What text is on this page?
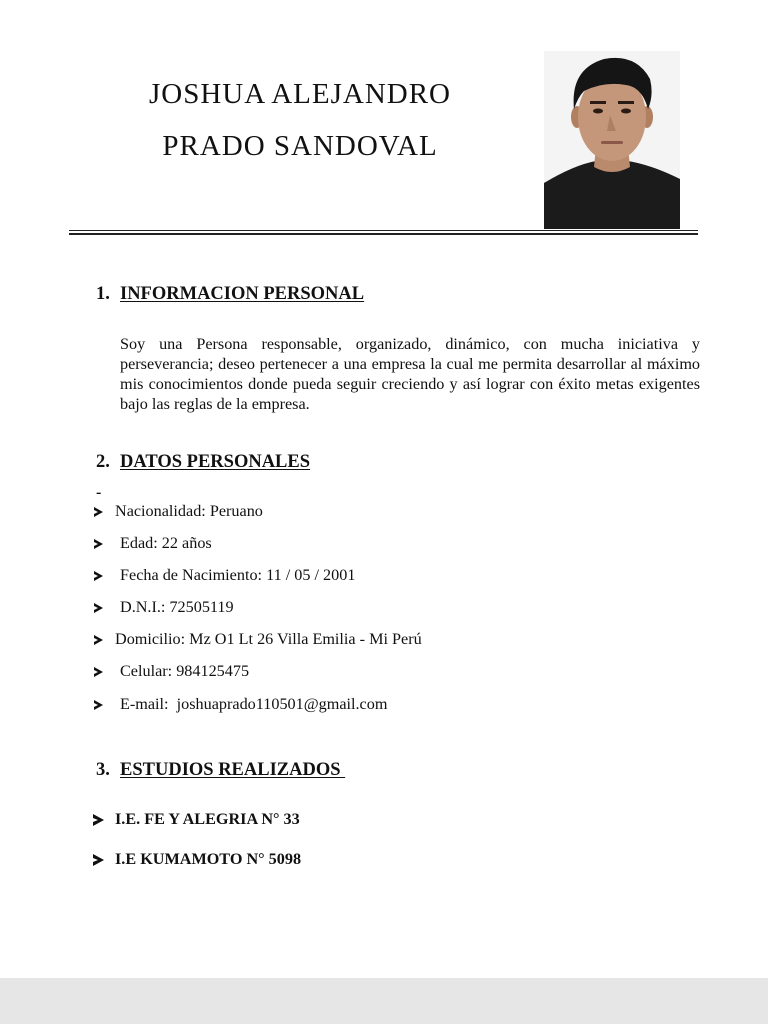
JOSHUA ALEJANDRO
PRADO SANDOVAL
1. INFORMACION PERSONAL
Soy una Persona responsable, organizado, dinámico, con mucha iniciativa y perseverancia; deseo pertenecer a una empresa la cual me permita desarrollar al máximo mis conocimientos donde pueda seguir creciendo y así lograr con éxito metas exigentes bajo las reglas de la empresa.
2. DATOS PERSONALES
-
Nacionalidad: Peruano
Edad: 22 años
Fecha de Nacimiento: 11 / 05 / 2001
D.N.I.: 72505119
Domicilio: Mz O1 Lt 26 Villa Emilia - Mi Perú
Celular: 984125475
E-mail:  joshuaprado110501@gmail.com
3. ESTUDIOS REALIZADOS
I.E. FE Y ALEGRIA N° 33
I.E KUMAMOTO N° 5098
